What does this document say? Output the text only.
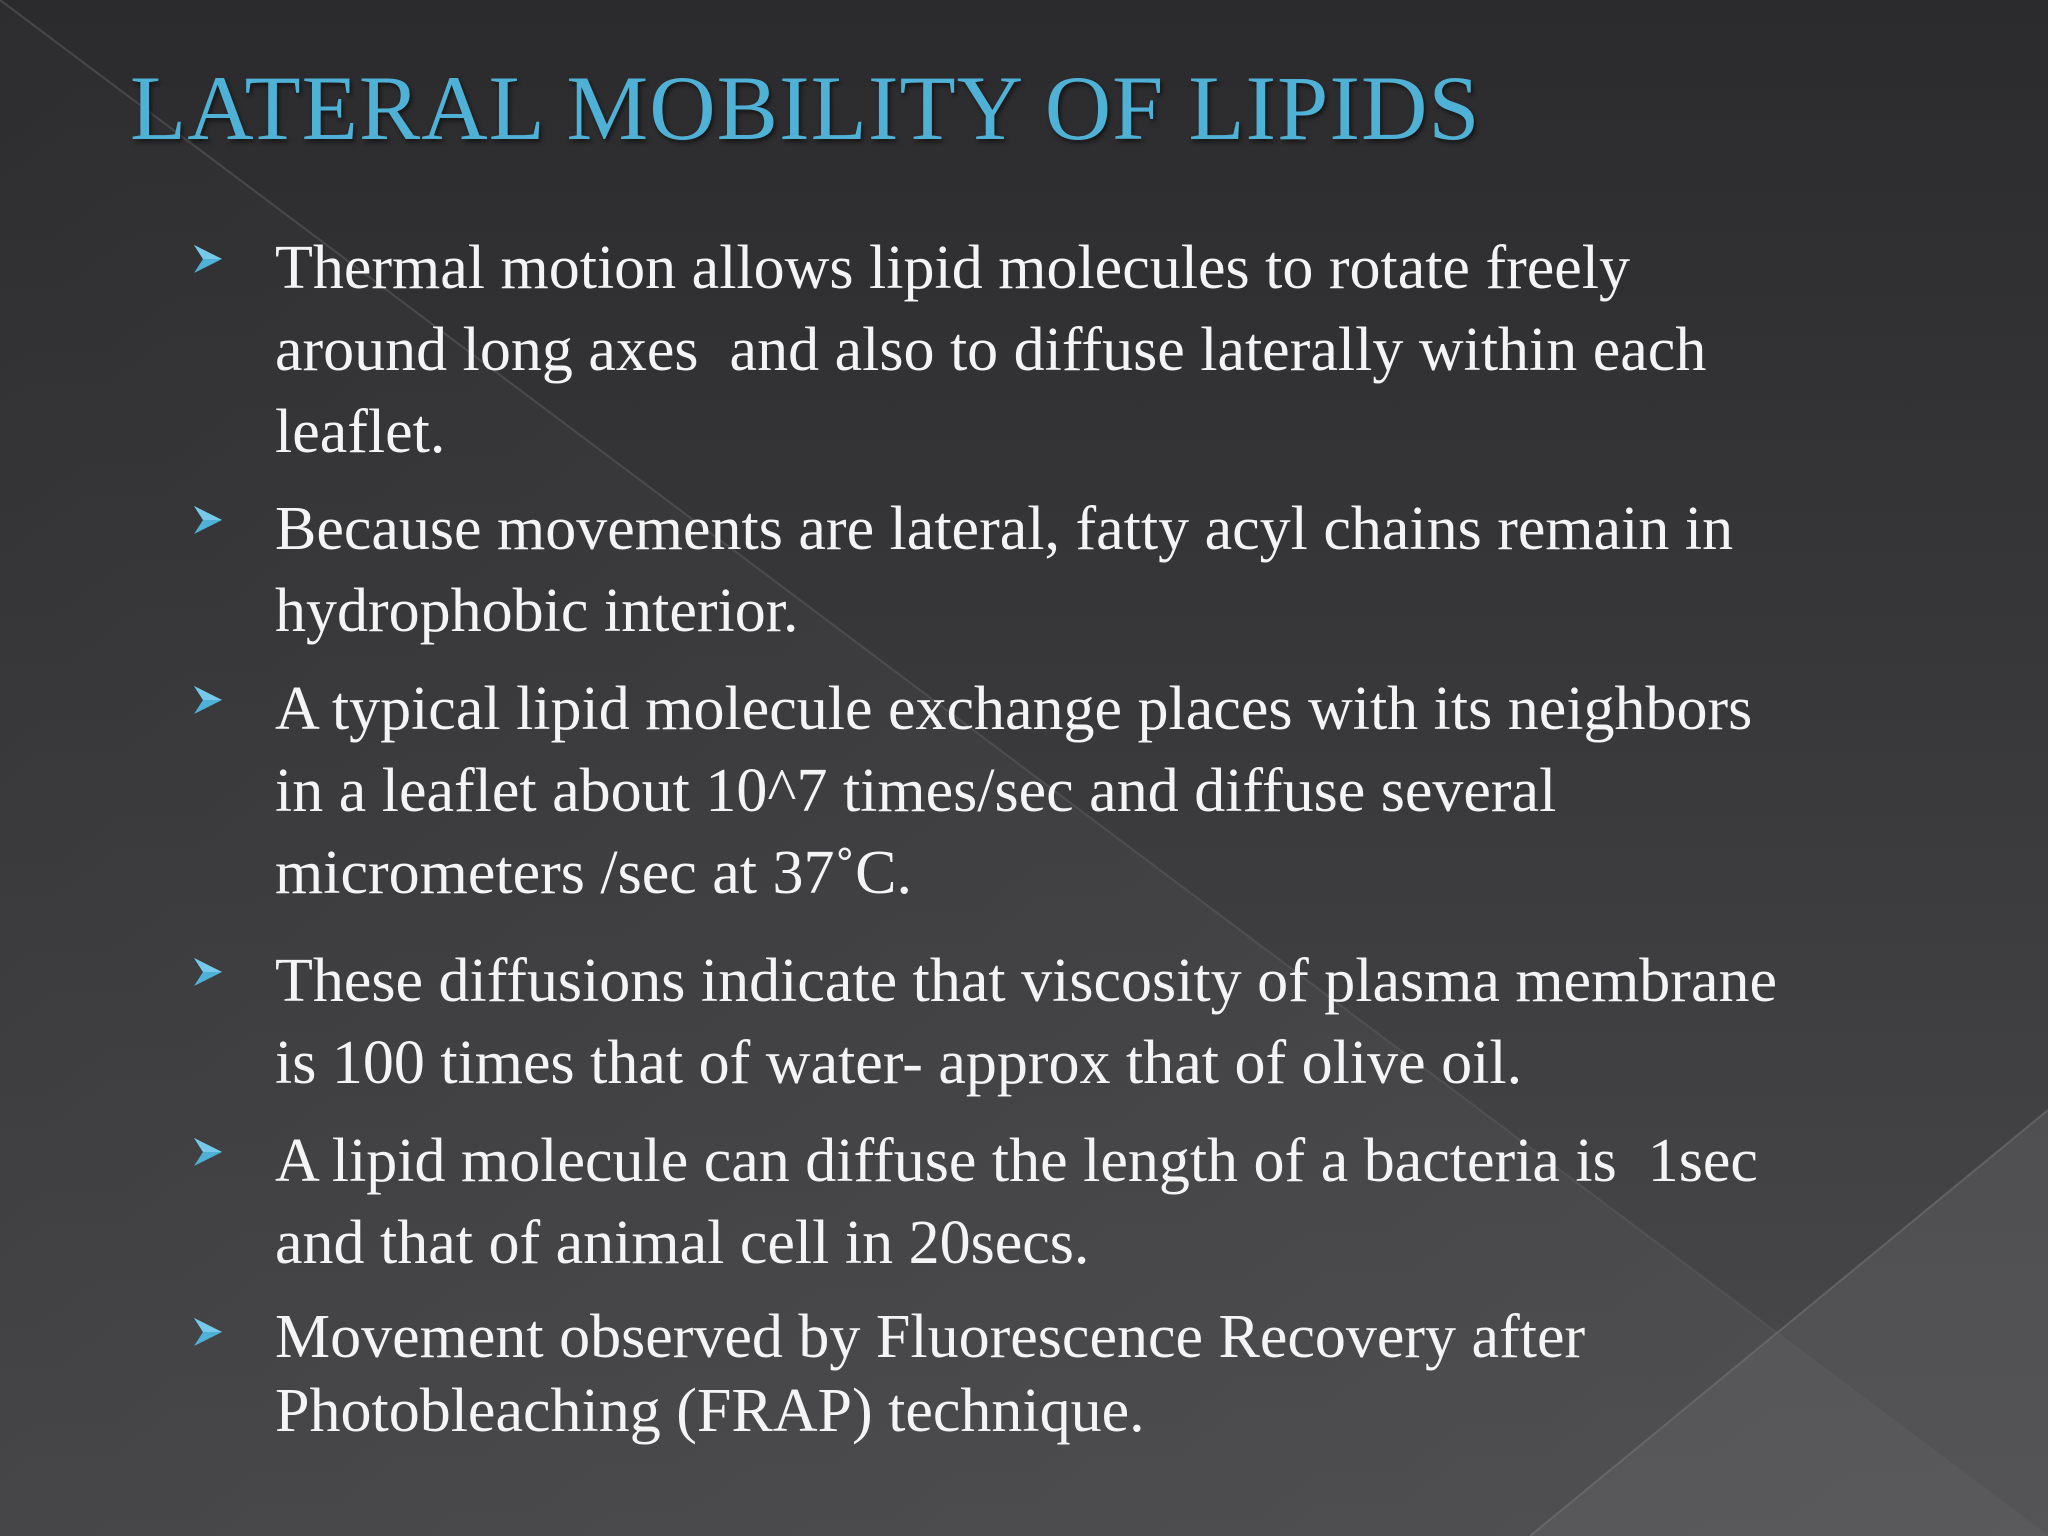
LATERAL MOBILITY OF LIPIDS
Thermal motion allows lipid molecules to rotate freely
around long axes  and also to diffuse laterally within each
leaflet.
Because movements are lateral, fatty acyl chains remain in
hydrophobic interior.
A typical lipid molecule exchange places with its neighbors
in a leaflet about 10^7 times/sec and diffuse several
micrometers /sec at 37˚C.
These diffusions indicate that viscosity of plasma membrane
is 100 times that of water- approx that of olive oil.
A lipid molecule can diffuse the length of a bacteria is  1sec
and that of animal cell in 20secs.
Movement observed by Fluorescence Recovery after
Photobleaching (FRAP) technique.
